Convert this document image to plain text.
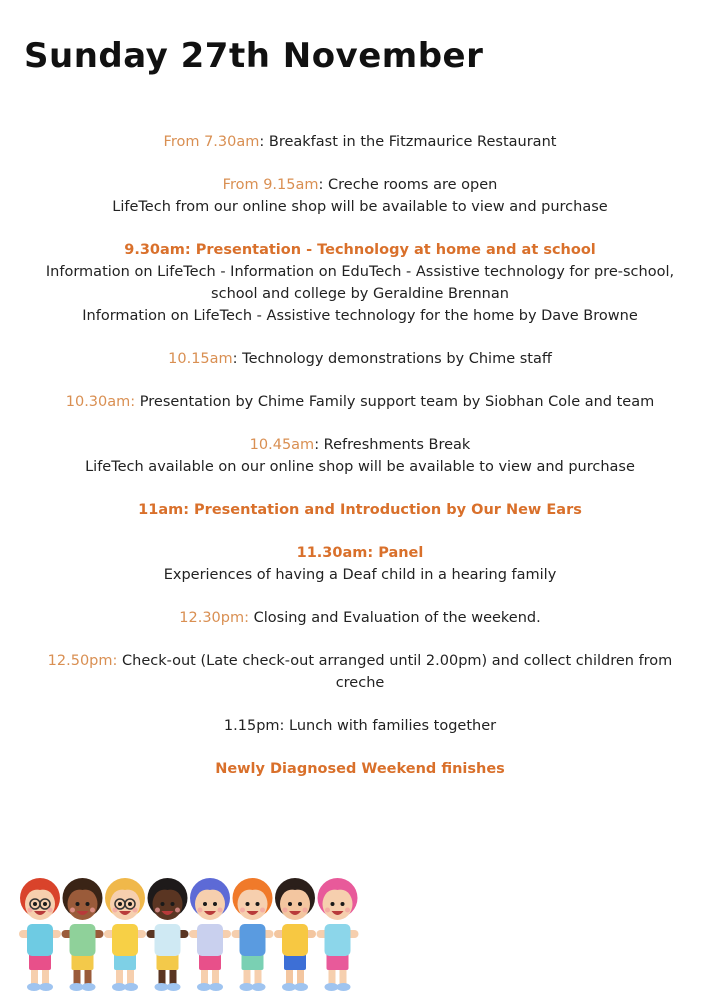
Sunday 27th November

From 7.30am: Breakfast in the Fitzmaurice Restaurant

From 9.15am: Creche rooms are open
LifeTech from our online shop will be available to view and purchase

9.30am: Presentation - Technology at home and at school
Information on LifeTech - Information on EduTech - Assistive technology for pre-school, school and college by Geraldine Brennan
Information on LifeTech - Assistive technology for the home by Dave Browne

10.15am: Technology demonstrations by Chime staff

10.30am: Presentation by Chime Family support team by Siobhan Cole and team

10.45am: Refreshments Break
LifeTech available on our online shop will be available to view and purchase

11am: Presentation and Introduction by Our New Ears

11.30am: Panel
Experiences of having a Deaf child in a hearing family

12.30pm: Closing and Evaluation of the weekend.

12.50pm: Check-out (Late check-out arranged until 2.00pm) and collect children from creche

1.15pm: Lunch with families together

Newly Diagnosed Weekend finishes
